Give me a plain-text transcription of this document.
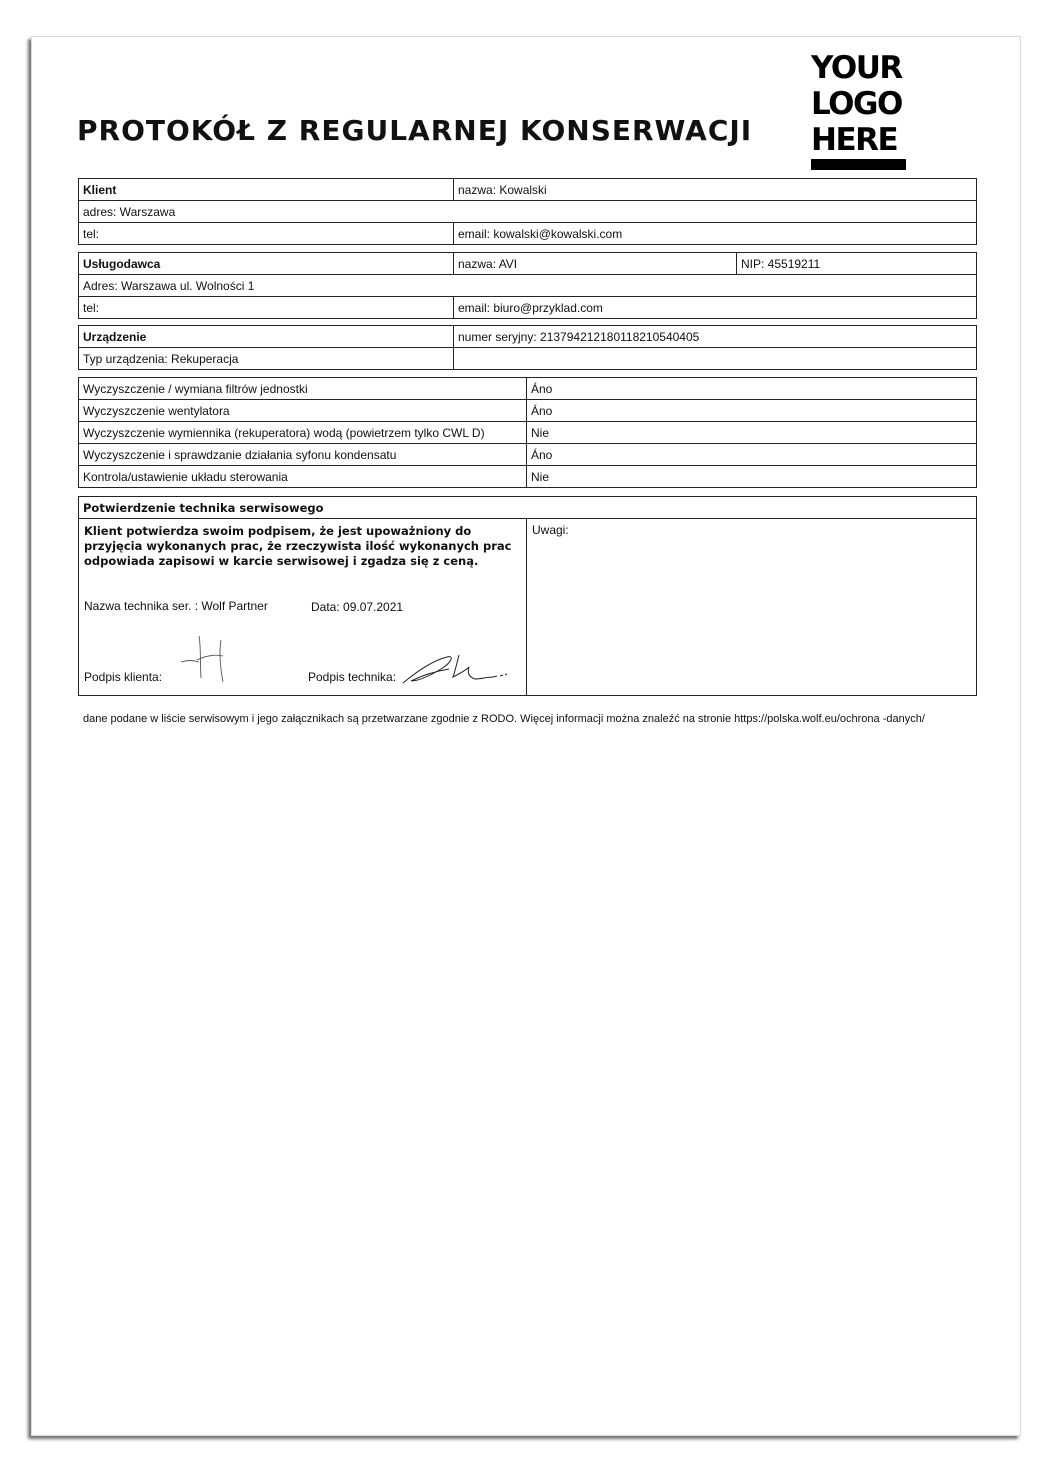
PROTOKÓŁ Z REGULARNEJ KONSERWACJI
YOUR
LOGO
HERE
Klient	nazwa: Kowalski
adres: Warszawa	
tel:	email: kowalski@kowalski.com
Usługodawca	nazwa: AVI	NIP: 45519211
Adres: Warszawa ul. Wolności 1		
tel:	email: biuro@przyklad.com	
Urządzenie	numer seryjny: 213794212180118210540405
Typ urządzenia: Rekuperacja	
Wyczyszczenie / wymiana filtrów jednostki	Áno
Wyczyszczenie wentylatora	Áno
Wyczyszczenie wymiennika (rekuperatora) wodą (powietrzem tylko CWL D)	Nie
Wyczyszczenie i sprawdzanie działania syfonu kondensatu	Áno
Kontrola/ustawienie układu sterowania	Nie
Potwierdzenie technika serwisowego

Klient potwierdza swoim podpisem, że jest upoważniony do przyjęcia wykonanych prac, że rzeczywista ilość wykonanych prac odpowiada zapisowi w karcie serwisowej i zgadza się z ceną.
Nazwa technika ser. : Wolf Partner	Data: 09.07.2021
Podpis klienta:	Podpis technika:

Uwagi:
dane podane w liście serwisowym i jego załącznikach są przetwarzane zgodnie z RODO. Więcej informacji można znaleźć na stronie https://polska.wolf.eu/ochrona -danych/
